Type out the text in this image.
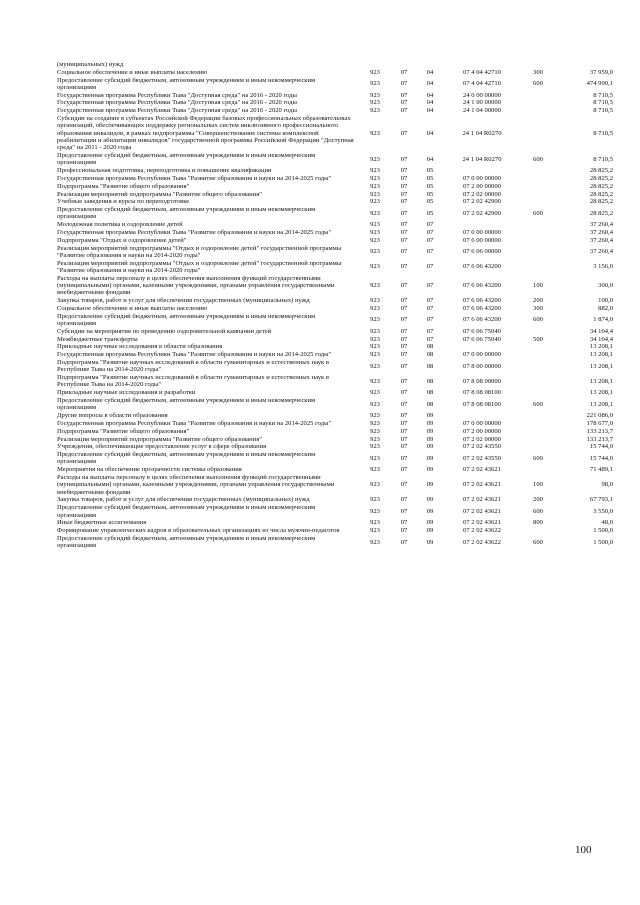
(муниципальных) нужд						
Социальное обеспечение и иные выплаты населению	923	07	04	07 4 04 42710	300	37 959,0
Предоставление субсидий бюджетным, автономным учреждениям и иным некоммерческим организациям	923	07	04	07 4 04 42710	600	474 990,1
Государственная программа Республики Тыва "Доступная среда" на 2016 - 2020 годы	923	07	04	24 0 00 00000		8 710,5
Государственная программа Республики Тыва "Доступная среда" на 2016 - 2020 годы	923	07	04	24 1 00 00000		8 710,5
Государственная программа Республики Тыва "Доступная среда" на 2016 - 2020 годы	923	07	04	24 1 04 00000		8 710,5
Субсидии на создание в субъектах Российской Федерации базовых профессиональных образовательных организаций, обеспечивающих поддержку региональных систем инклюзивного профессионального образования инвалидов, в рамках подпрограммы "Совершенствование системы комплексной реабилитации и абилитации инвалидов" государственной программы Российской Федерации "Доступная среда" на 2011 - 2020 годы	923	07	04	24 1 04 R0270		8 710,5
Предоставление субсидий бюджетным, автономным учреждениям и иным некоммерческим организациям	923	07	04	24 1 04 R0270	600	8 710,5
Профессиональная подготовка, переподготовка и повышение квалификации	923	07	05			28 825,2
Государственная программа Республики Тыва "Развитие образования и науки на 2014-2025 годы"	923	07	05	07 0 00 00000		28 825,2
Подпрограмма "Развитие общего образования"	923	07	05	07 2 00 00000		28 825,2
Реализация мероприятий подпрограммы "Развитие общего образования"	923	07	05	07 2 02 00000		28 825,2
Учебные заведения и курсы по переподготовке	923	07	05	07 2 02 42900		28 825,2
Предоставление субсидий бюджетным, автономным учреждениям и иным некоммерческим организациям	923	07	05	07 2 02 42900	600	28 825,2
Молодежная политика и оздоровление детей	923	07	07			37 260,4
Государственная программа Республики Тыва "Развитие образования и науки на 2014-2025 годы"	923	07	07	07 0 00 00000		37 260,4
Подпрограмма "Отдых и оздоровление детей"	923	07	07	07 6 00 00000		37 260,4
Реализация мероприятий подпрограммы "Отдых и оздоровление детей" государственной программы "Развитие образования и науки на 2014-2020 годы"	923	07	07	07 6 06 00000		37 260,4
Реализация мероприятий подпрограммы "Отдых и оздоровление детей" государственной программы "Развитие образования и науки на 2014-2020 годы"	923	07	07	07 6 06 43200		3 156,0
Расходы на выплаты персоналу в целях обеспечения выполнения функций государственными (муниципальными) органами, казенными учреждениями, органами управления государственными внебюджетными фондами	923	07	07	07 6 06 43200	100	300,0
Закупка товаров, работ и услуг для обеспечения государственных (муниципальных) нужд	923	07	07	07 6 06 43200	200	100,0
Социальное обеспечение и иные выплаты населению	923	07	07	07 6 06 43200	300	882,0
Предоставление субсидий бюджетным, автономным учреждениям и иным некоммерческим организациям	923	07	07	07 6 06 43200	600	1 874,0
Субсидии на мероприятия по проведению оздоровительной кампании детей	923	07	07	07 6 06 75040		34 104,4
Межбюджетные трансферты	923	07	07	07 6 06 75040	500	34 104,4
Прикладные научные исследования в области образования	923	07	08			13 208,1
Государственная программа Республики Тыва "Развитие образования и науки на 2014-2025 годы"	923	07	08	07 0 00 00000		13 208,1
Подпрограмма "Развитие научных исследований в области гуманитарных и естественных наук в Республике Тыва на 2014-2020 годы"	923	07	08	07 8 00 00000		13 208,1
Подпрограмма "Развитие научных исследований в области гуманитарных и естественных наук в Республике Тыва на 2014-2020 годы"	923	07	08	07 8 08 00000		13 208,1
Прикладные научные исследования и разработки	923	07	08	07 8 08 08100		13 208,1
Предоставление субсидий бюджетным, автономным учреждениям и иным некоммерческим организациям	923	07	08	07 8 08 08100	600	13 208,1
Другие вопросы в области образования	923	07	09			221 086,0
Государственная программа Республики Тыва "Развитие образования и науки на 2014-2025 годы"	923	07	09	07 0 00 00000		178 677,0
Подпрограмма "Развитие общего образования"	923	07	09	07 2 00 00000		133 213,7
Реализация мероприятий подпрограммы "Развитие общего образования"	923	07	09	07 2 02 00000		133 213,7
Учреждения, обеспечивающие предоставление услуг в сфере образования	923	07	09	07 2 02 43550		15 744,0
Предоставление субсидий бюджетным, автономным учреждениям и иным некоммерческим организациям	923	07	09	07 2 02 43550	600	15 744,0
Мероприятия на обеспечение прозрачности системы образования	923	07	09	07 2 02 43621		71 489,1
Расходы на выплаты персоналу в целях обеспечения выполнения функций государственными (муниципальными) органами, казенными учреждениями, органами управления государственными внебюджетными фондами	923	07	09	07 2 02 43621	100	98,0
Закупка товаров, работ и услуг для обеспечения государственных (муниципальных) нужд	923	07	09	07 2 02 43621	200	67 793,1
Предоставление субсидий бюджетным, автономным учреждениям и иным некоммерческим организациям	923	07	09	07 2 02 43621	600	3 550,0
Иные бюджетные ассигнования	923	07	09	07 2 02 43621	800	48,0
Формирование управленческих кадров в образовательных организациях из числа мужчин-педагогов	923	07	09	07 2 02 43622		1 500,0
Предоставление субсидий бюджетным, автономным учреждениям и иным некоммерческим организациям	923	07	09	07 2 02 43622	600	1 500,0
100
